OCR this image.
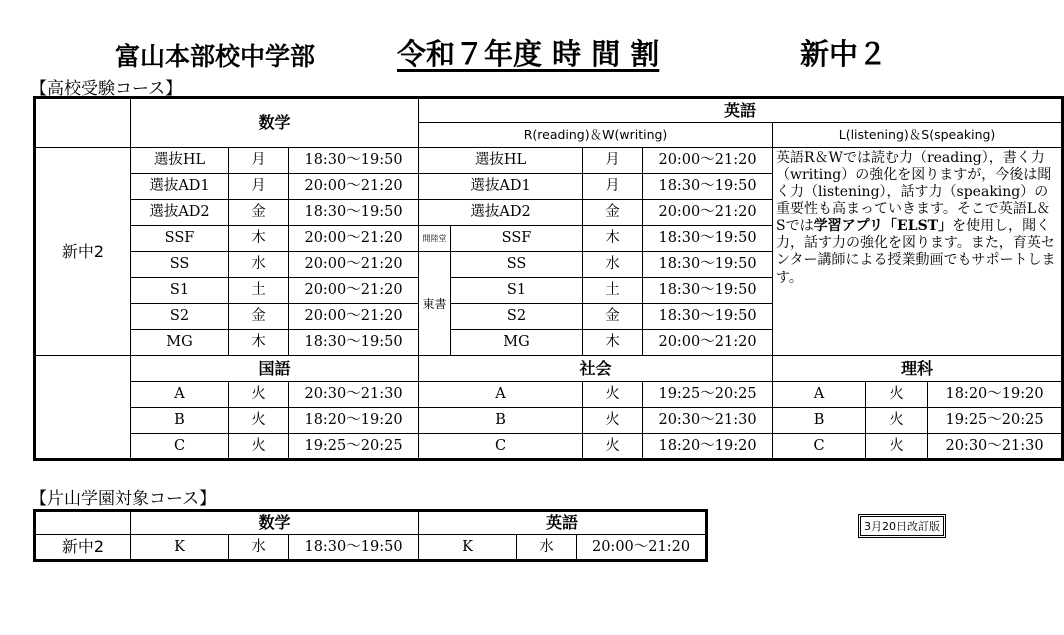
富山本部校中学部	令和７年度 時 間 割	新中２
【高校受験コース】
	数学			英語						
				R(reading)＆W(writing)				L(listening)＆S(speaking)		
新中2	選抜HL	月	18:30～19:50	選抜HL		月	20:00～21:20	英語R＆Wでは読む力（reading），書く力（writing）の強化を図りますが，今後は聞く力（listening），話す力（speaking）の重要性も高まっていきます。そこで英語L＆Sでは学習アプリ「ELST」を使用し，聞く力，話す力の強化を図ります。また，育英センター講師による授業動画でもサポートします。		
	選抜AD1	月	20:00～21:20	選抜AD1		月	18:30～19:50			
	選抜AD2	金	18:30～19:50	選抜AD2		金	20:00～21:20			
	SSF	木	20:00～21:20	開陸堂	SSF	木	18:30～19:50			
	SS	水	20:00～21:20	東書	SS	水	18:30～19:50			
	S1	土	20:00～21:20		S1	土	18:30～19:50			
	S2	金	20:00～21:20		S2	金	18:30～19:50			
	MG	木	18:30～19:50		MG	木	20:00～21:20			
	国語			社会				理科		
	A	火	20:30～21:30	A		火	19:25～20:25	A	火	18:20～19:20
	B	火	18:20～19:20	B		火	20:30～21:30	B	火	19:25～20:25
	C	火	19:25～20:25	C		火	18:20～19:20	C	火	20:30～21:30
【片山学園対象コース】
	数学			英語		
新中2	K	水	18:30～19:50	K	水	20:00～21:20
3月20日改訂版
